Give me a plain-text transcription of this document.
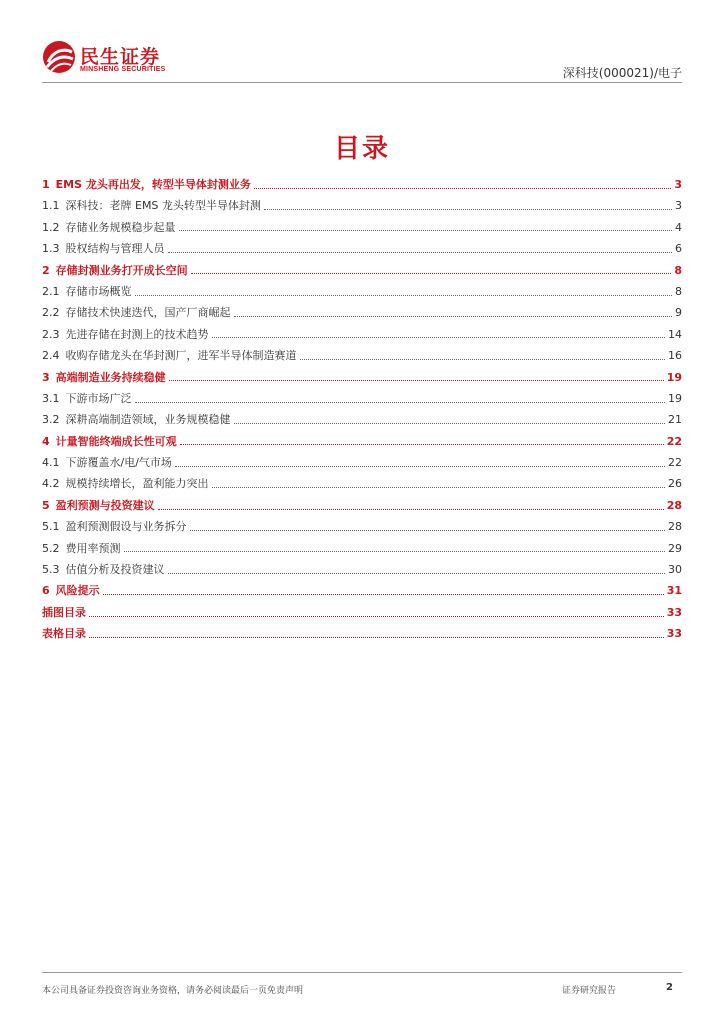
民生证券
MINSHENG SECURITIES	深科技(000021)/电子
目录
1 EMS 龙头再出发，转型半导体封测业务	3
1.1 深科技：老牌 EMS 龙头转型半导体封测	3
1.2 存储业务规模稳步起量	4
1.3 股权结构与管理人员	6
2 存储封测业务打开成长空间	8
2.1 存储市场概览	8
2.2 存储技术快速迭代，国产厂商崛起	9
2.3 先进存储在封测上的技术趋势	14
2.4 收购存储龙头在华封测厂，进军半导体制造赛道	16
3 高端制造业务持续稳健	19
3.1 下游市场广泛	19
3.2 深耕高端制造领域，业务规模稳健	21
4 计量智能终端成长性可观	22
4.1 下游覆盖水/电/气市场	22
4.2 规模持续增长，盈利能力突出	26
5 盈利预测与投资建议	28
5.1 盈利预测假设与业务拆分	28
5.2 费用率预测	29
5.3 估值分析及投资建议	30
6 风险提示	31
插图目录	33
表格目录	33
本公司具备证券投资咨询业务资格，请务必阅读最后一页免责声明	证券研究报告	2
